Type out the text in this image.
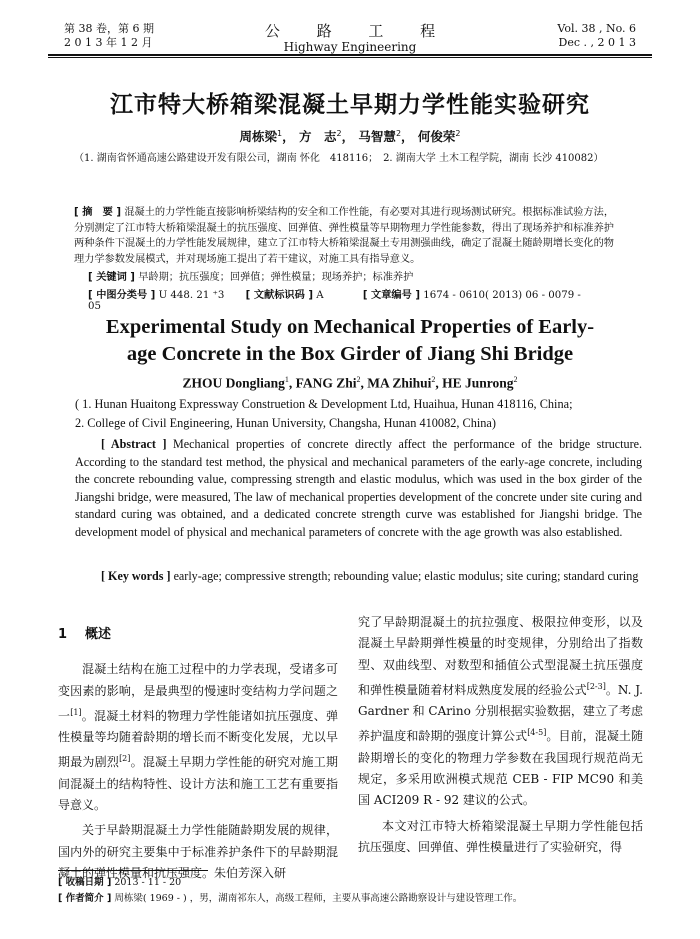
第 38 卷，第 6 期
2 0 1 3 年 1 2 月
公 路 工 程
Highway Engineering
Vol. 38 , No. 6
Dec . , 2 0 1 3
江市特大桥箱梁混凝土早期力学性能实验研究
周栋梁$^1$， 方　志$^2$， 马智慧$^2$， 何俊荣$^2$
（1. 湖南省怀通高速公路建设开发有限公司，湖南 怀化　418116；　2. 湖南大学 土木工程学院，湖南 长沙 410082）
[ 摘　要 ] 混凝土的力学性能直接影响桥梁结构的安全和工作性能，有必要对其进行现场测试研究。根据标准试验方法，分别测定了江市特大桥箱梁混凝土的抗压强度、回弹值、弹性模量等早期物理力学性能参数，得出了现场养护和标准养护两种条件下混凝土的力学性能发展规律，建立了江市特大桥箱梁混凝土专用测强曲线，确定了混凝土随龄期增长变化的物理力学参数发展模式，并对现场施工提出了若干建议，对施工具有指导意义。
[ 关键词 ] 早龄期；抗压强度；回弹值；弹性模量；现场养护；标准养护
[ 中图分类号 ] U 448. 21 ⁺3 [ 文献标识码 ] A	[ 文章编号 ] 1674 - 0610( 2013) 06 - 0079 - 05
Experimental Study on Mechanical Properties of Early-age Concrete in the Box Girder of Jiang Shi Bridge
ZHOU Dongliang$^1$, FANG Zhi$^2$, MA Zhihui$^2$, HE Junrong$^2$
( 1. Hunan Huaitong Expressway Construetion & Development Ltd, Huaihua, Hunan 418116, China;
2. College of Civil Engineering, Hunan University, Changsha, Hunan 410082, China)
[ Abstract ] Mechanical properties of concrete directly affect the performance of the bridge structure. According to the standard test method, the physical and mechanical parameters of the early-age concrete, including the concrete rebounding value, compressing strength and elastic modulus, which was used in the box girder of the Jiangshi bridge, were measured, The law of mechanical properties development of the concrete under site curing and standard curing was obtained, and a dedicated concrete strength curve was established for Jiangshi bridge. The development model of physical and mechanical parameters of concrete with the age growth was also established.
[ Key words ] early-age; compressive strength; rebounding value; elastic modulus; site curing; standard curing
1 概述

混凝土结构在施工过程中的力学表现，受诸多可变因素的影响，是最典型的慢速时变结构力学问题之一[1]。混凝土材料的物理力学性能诸如抗压强度、弹性模量等均随着龄期的增长而不断变化发展，尤以早期最为剧烈[2]。混凝土早期力学性能的研究对施工期间混凝土的结构特性、设计方法和施工工艺有重要指导意义。

关于早龄期混凝土力学性能随龄期发展的规律，国内外的研究主要集中于标准养护条件下的早龄期混凝土的弹性模量和抗压强度。朱伯芳深入研

究了早龄期混凝土的抗拉强度、极限拉伸变形，以及混凝土早龄期弹性模量的时变规律，分别给出了指数型、双曲线型、对数型和插值公式型混凝土抗压强度和弹性模量随着材料成熟度发展的经验公式[2-3]。N. J. Gardner 和 CArino 分别根据实验数据，建立了考虑养护温度和龄期的强度计算公式[4-5]。目前，混凝土随龄期增长的变化的物理力学参数在我国现行规范尚无规定，多采用欧洲模式规范 CEB - FIP MC90 和美国 ACI209 R - 92 建议的公式。

本文对江市特大桥箱梁混凝土早期力学性能包括抗压强度、回弹值、弹性模量进行了实验研究，得

[ 收稿日期 ] 2013 - 11 - 20
[ 作者简介 ] 周栋梁( 1969 - ) ，男，湖南祁东人，高级工程师，主要从事高速公路勘察设计与建设管理工作。
